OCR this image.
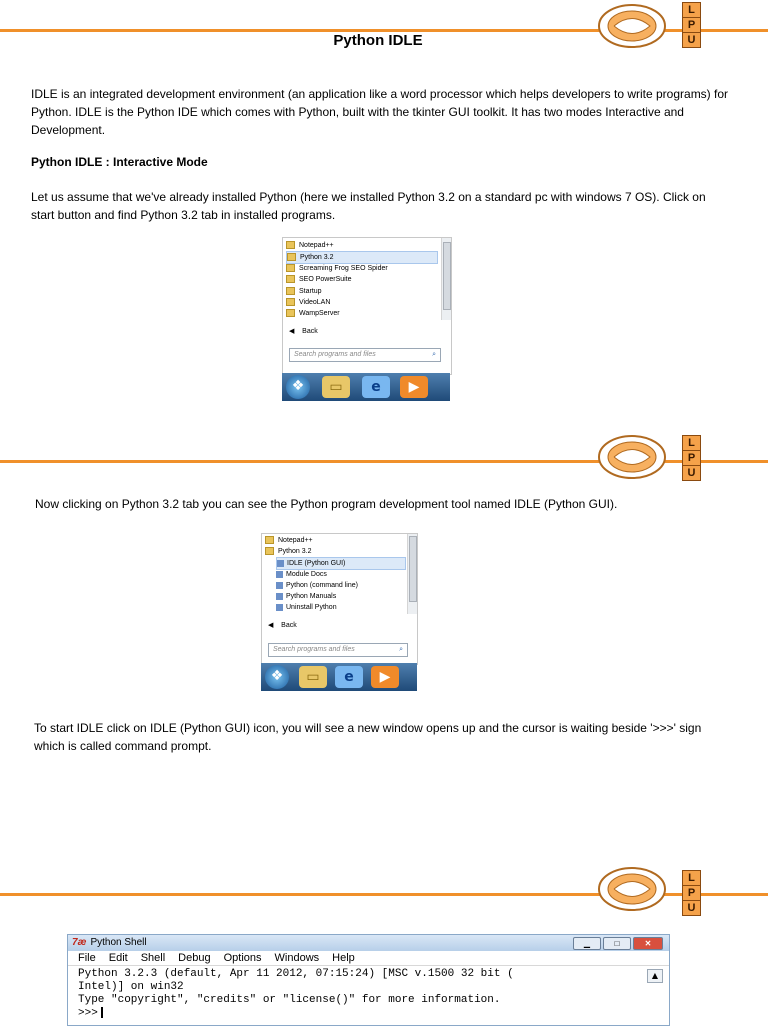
L
P
U
Python IDLE
IDLE is an integrated development environment (an application like a word processor which helps developers to write programs) for Python. IDLE is the Python IDE which comes with Python, built with the tkinter GUI toolkit. It has two modes Interactive and Development.
Python IDLE : Interactive Mode
Let us assume that we've already installed Python (here we installed Python 3.2 on a standard pc with windows 7 OS). Click on start button and find Python 3.2 tab in installed programs.
Notepad++
Python 3.2
Screaming Frog SEO Spider
SEO PowerSuite
Startup
VideoLAN
WampServer
◀    Back
Search programs and files	⌕
❖	▭	e	▶
L
P
U
Now clicking on Python 3.2 tab you can see the Python program development tool named IDLE (Python GUI).
Notepad++
Python 3.2
IDLE (Python GUI)
Module Docs
Python (command line)
Python Manuals
Uninstall Python
◀    Back
Search programs and files	⌕
❖	▭	e	▶
To start IDLE click on IDLE (Python GUI) icon, you will see a new window opens up and the cursor is waiting beside '>>>' sign which is called command prompt.
L
P
U
7æ Python Shell	▁	□	✕
File Edit Shell Debug Options Windows Help
Python 3.2.3 (default, Apr 11 2012, 07:15:24) [MSC v.1500 32 bit (
Intel)] on win32
Type "copyright", "credits" or "license()" for more information.
>>>
▲
